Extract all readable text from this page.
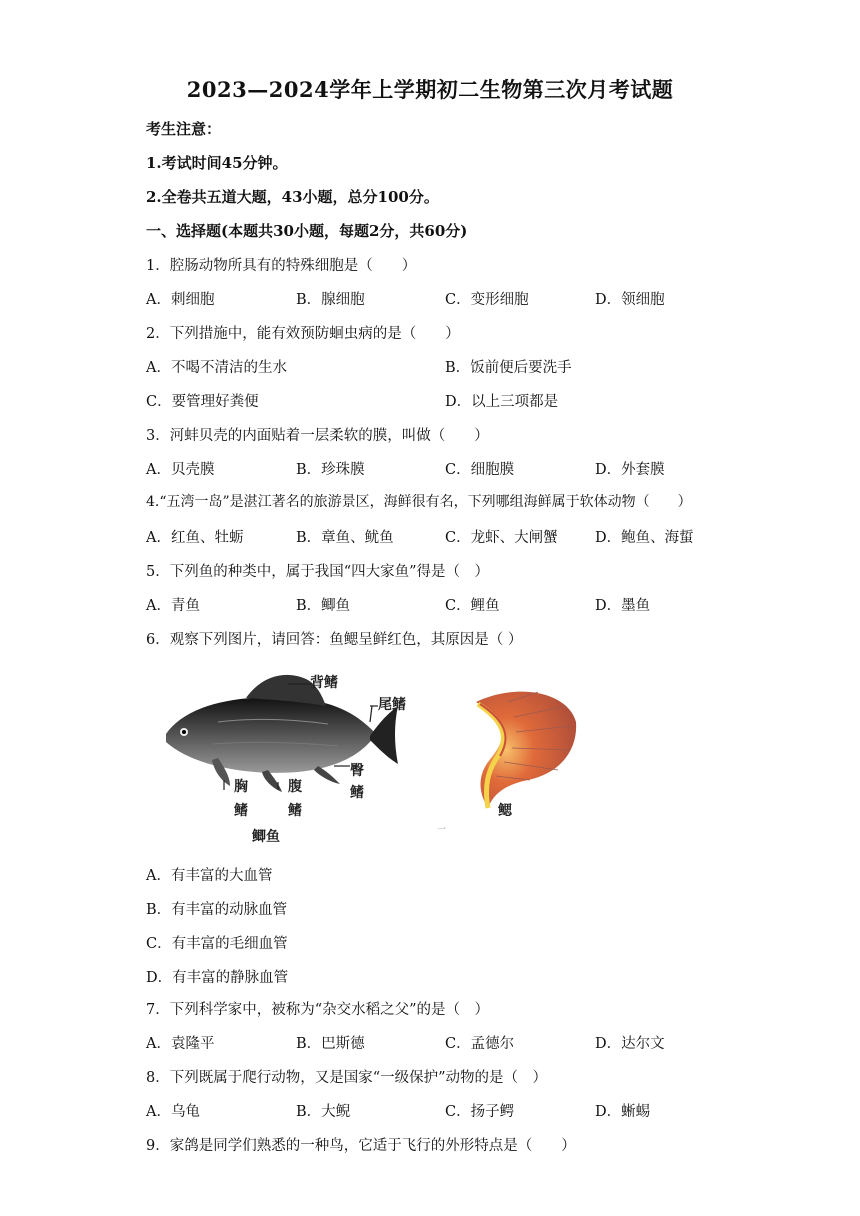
2023—2024学年上学期初二生物第三次月考试题
考生注意：
1.考试时间45分钟。
2.全卷共五道大题，43小题，总分100分。
一、选择题(本题共30小题，每题2分，共60分)
1．腔肠动物所具有的特殊细胞是（　　）
A．刺细胞	B．腺细胞	C．变形细胞	D．领细胞
2．下列措施中，能有效预防蛔虫病的是（　　）
A．不喝不清洁的生水	B．饭前便后要洗手
C．要管理好粪便	D．以上三项都是
3．河蚌贝壳的内面贴着一层柔软的膜，叫做（　　）
A．贝壳膜	B．珍珠膜	C．细胞膜	D．外套膜
4.“五湾一岛”是湛江著名的旅游景区，海鲜很有名，下列哪组海鲜属于软体动物（　　）
A．红鱼、牡蛎	B．章鱼、鱿鱼	C．龙虾、大闸蟹	D．鲍鱼、海蜇
5．下列鱼的种类中，属于我国“四大家鱼”得是（　）
A．青鱼	B．鲫鱼	C．鲤鱼	D．墨鱼
6．观察下列图片，请回答：鱼鳃呈鲜红色，其原因是（ ）
背鳍
尾鳍
臀
鳍
胸
鳍
腹
鳍
鲫鱼
鳃
一
A．有丰富的大血管
B．有丰富的动脉血管
C．有丰富的毛细血管
D．有丰富的静脉血管
7．下列科学家中，被称为“杂交水稻之父”的是（　）
A．袁隆平	B．巴斯德	C．孟德尔	D．达尔文
8．下列既属于爬行动物，又是国家“一级保护”动物的是（　）
A．乌龟	B．大鲵	C．扬子鳄	D．蜥蜴
9．家鸽是同学们熟悉的一种鸟，它适于飞行的外形特点是（　　）
